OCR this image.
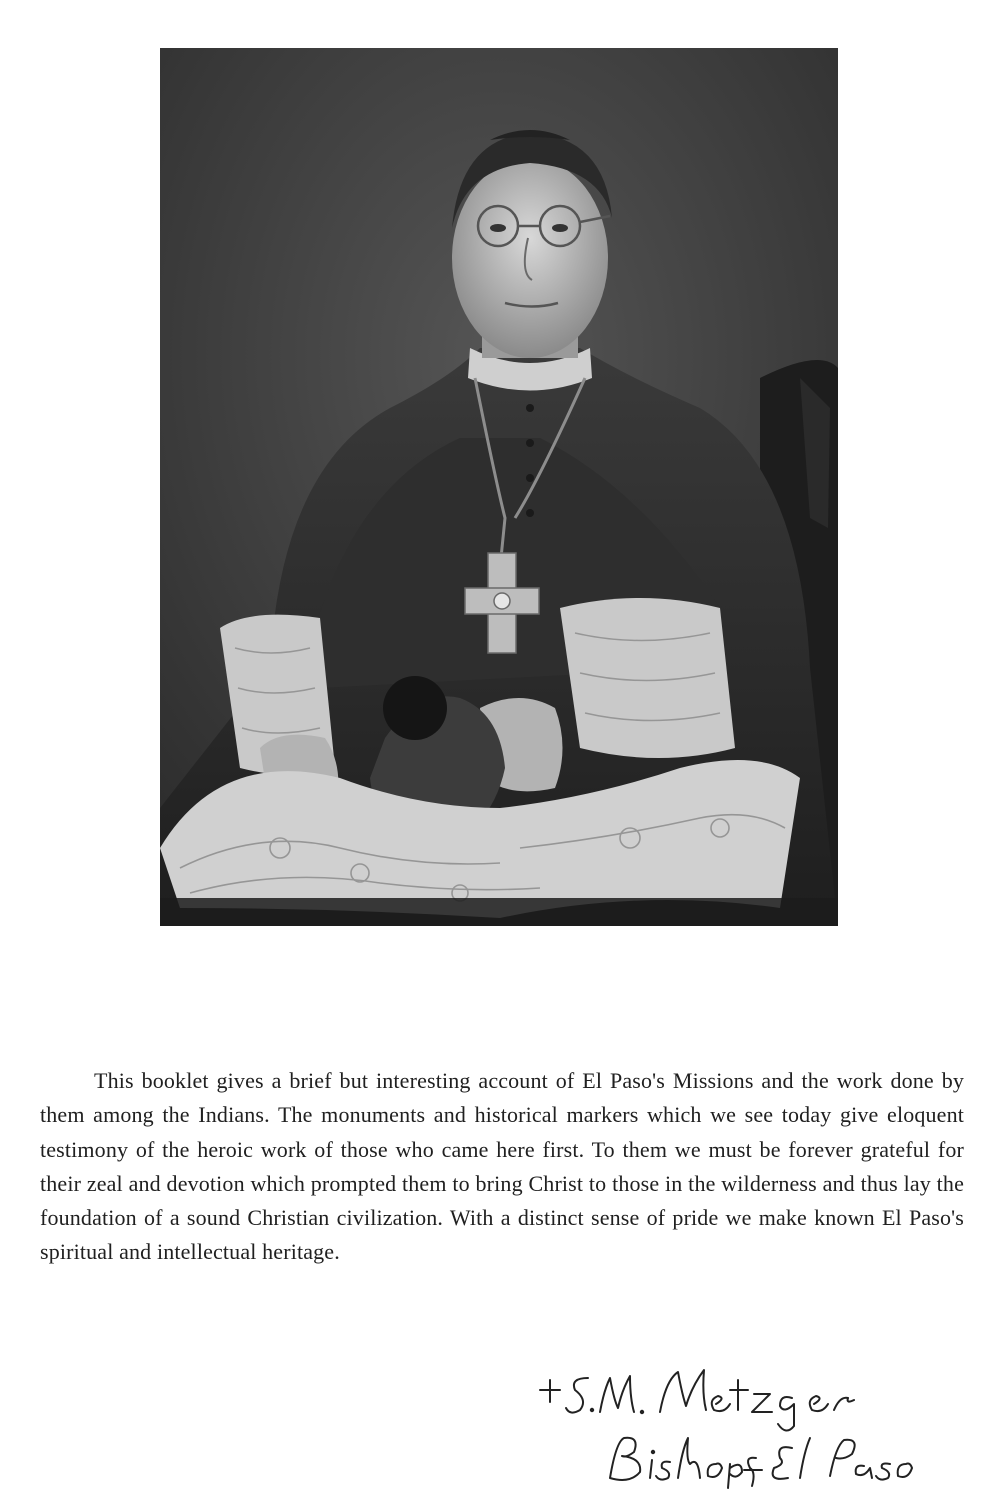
This booklet gives a brief but interesting account of El Paso's Missions and the work done by them among the Indians. The monuments and historical markers which we see today give eloquent testimony of the heroic work of those who came here first. To them we must be forever grateful for their zeal and devotion which prompted them to bring Christ to those in the wilderness and thus lay the foundation of a sound Christian civilization. With a distinct sense of pride we make known El Paso's spiritual and intellectual heritage.
